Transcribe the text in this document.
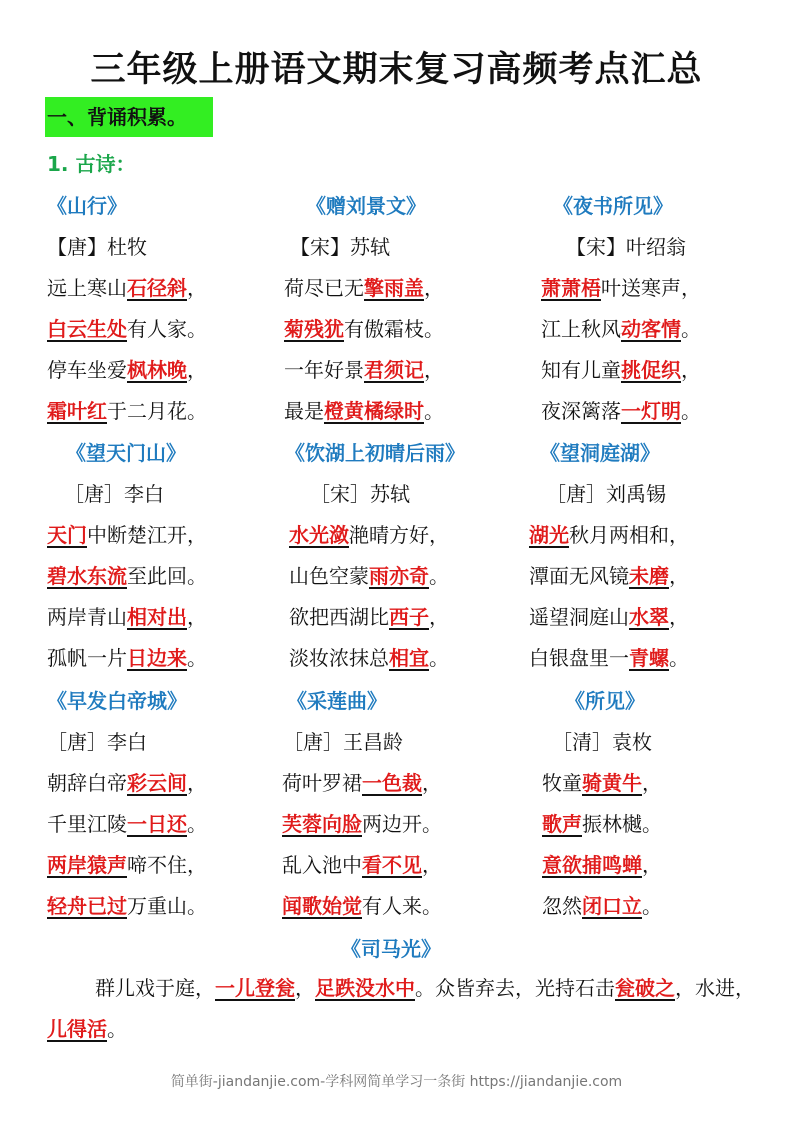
三年级上册语文期末复习高频考点汇总
一、背诵积累。
1. 古诗：
《山行》
【唐】杜牧
远上寒山石径斜，
白云生处有人家。
停车坐爱枫林晚，
霜叶红于二月花。
《赠刘景文》
【宋】苏轼
荷尽已无擎雨盖，
菊残犹有傲霜枝。
一年好景君须记，
最是橙黄橘绿时。
《夜书所见》
【宋】叶绍翁
萧萧梧叶送寒声，
江上秋风动客情。
知有儿童挑促织，
夜深篱落一灯明。
《望天门山》
［唐］李白
天门中断楚江开，
碧水东流至此回。
两岸青山相对出，
孤帆一片日边来。
《饮湖上初晴后雨》
［宋］苏轼
水光潋滟晴方好，
山色空蒙雨亦奇。
欲把西湖比西子，
淡妆浓抹总相宜。
《望洞庭湖》
［唐］刘禹锡
湖光秋月两相和，
潭面无风镜未磨，
遥望洞庭山水翠，
白银盘里一青螺。
《早发白帝城》
［唐］李白
朝辞白帝彩云间，
千里江陵一日还。
两岸猿声啼不住，
轻舟已过万重山。
《采莲曲》
［唐］王昌龄
荷叶罗裙一色裁，
芙蓉向脸两边开。
乱入池中看不见，
闻歌始觉有人来。
《所见》
［清］袁枚
牧童骑黄牛，
歌声振林樾。
意欲捕鸣蝉，
忽然闭口立。
《司马光》
群儿戏于庭，一儿登瓮，足跌没水中。众皆弃去，光持石击瓮破之，水进，儿得活。
简单街-jiandanjie.com-学科网简单学习一条街 https://jiandanjie.com
